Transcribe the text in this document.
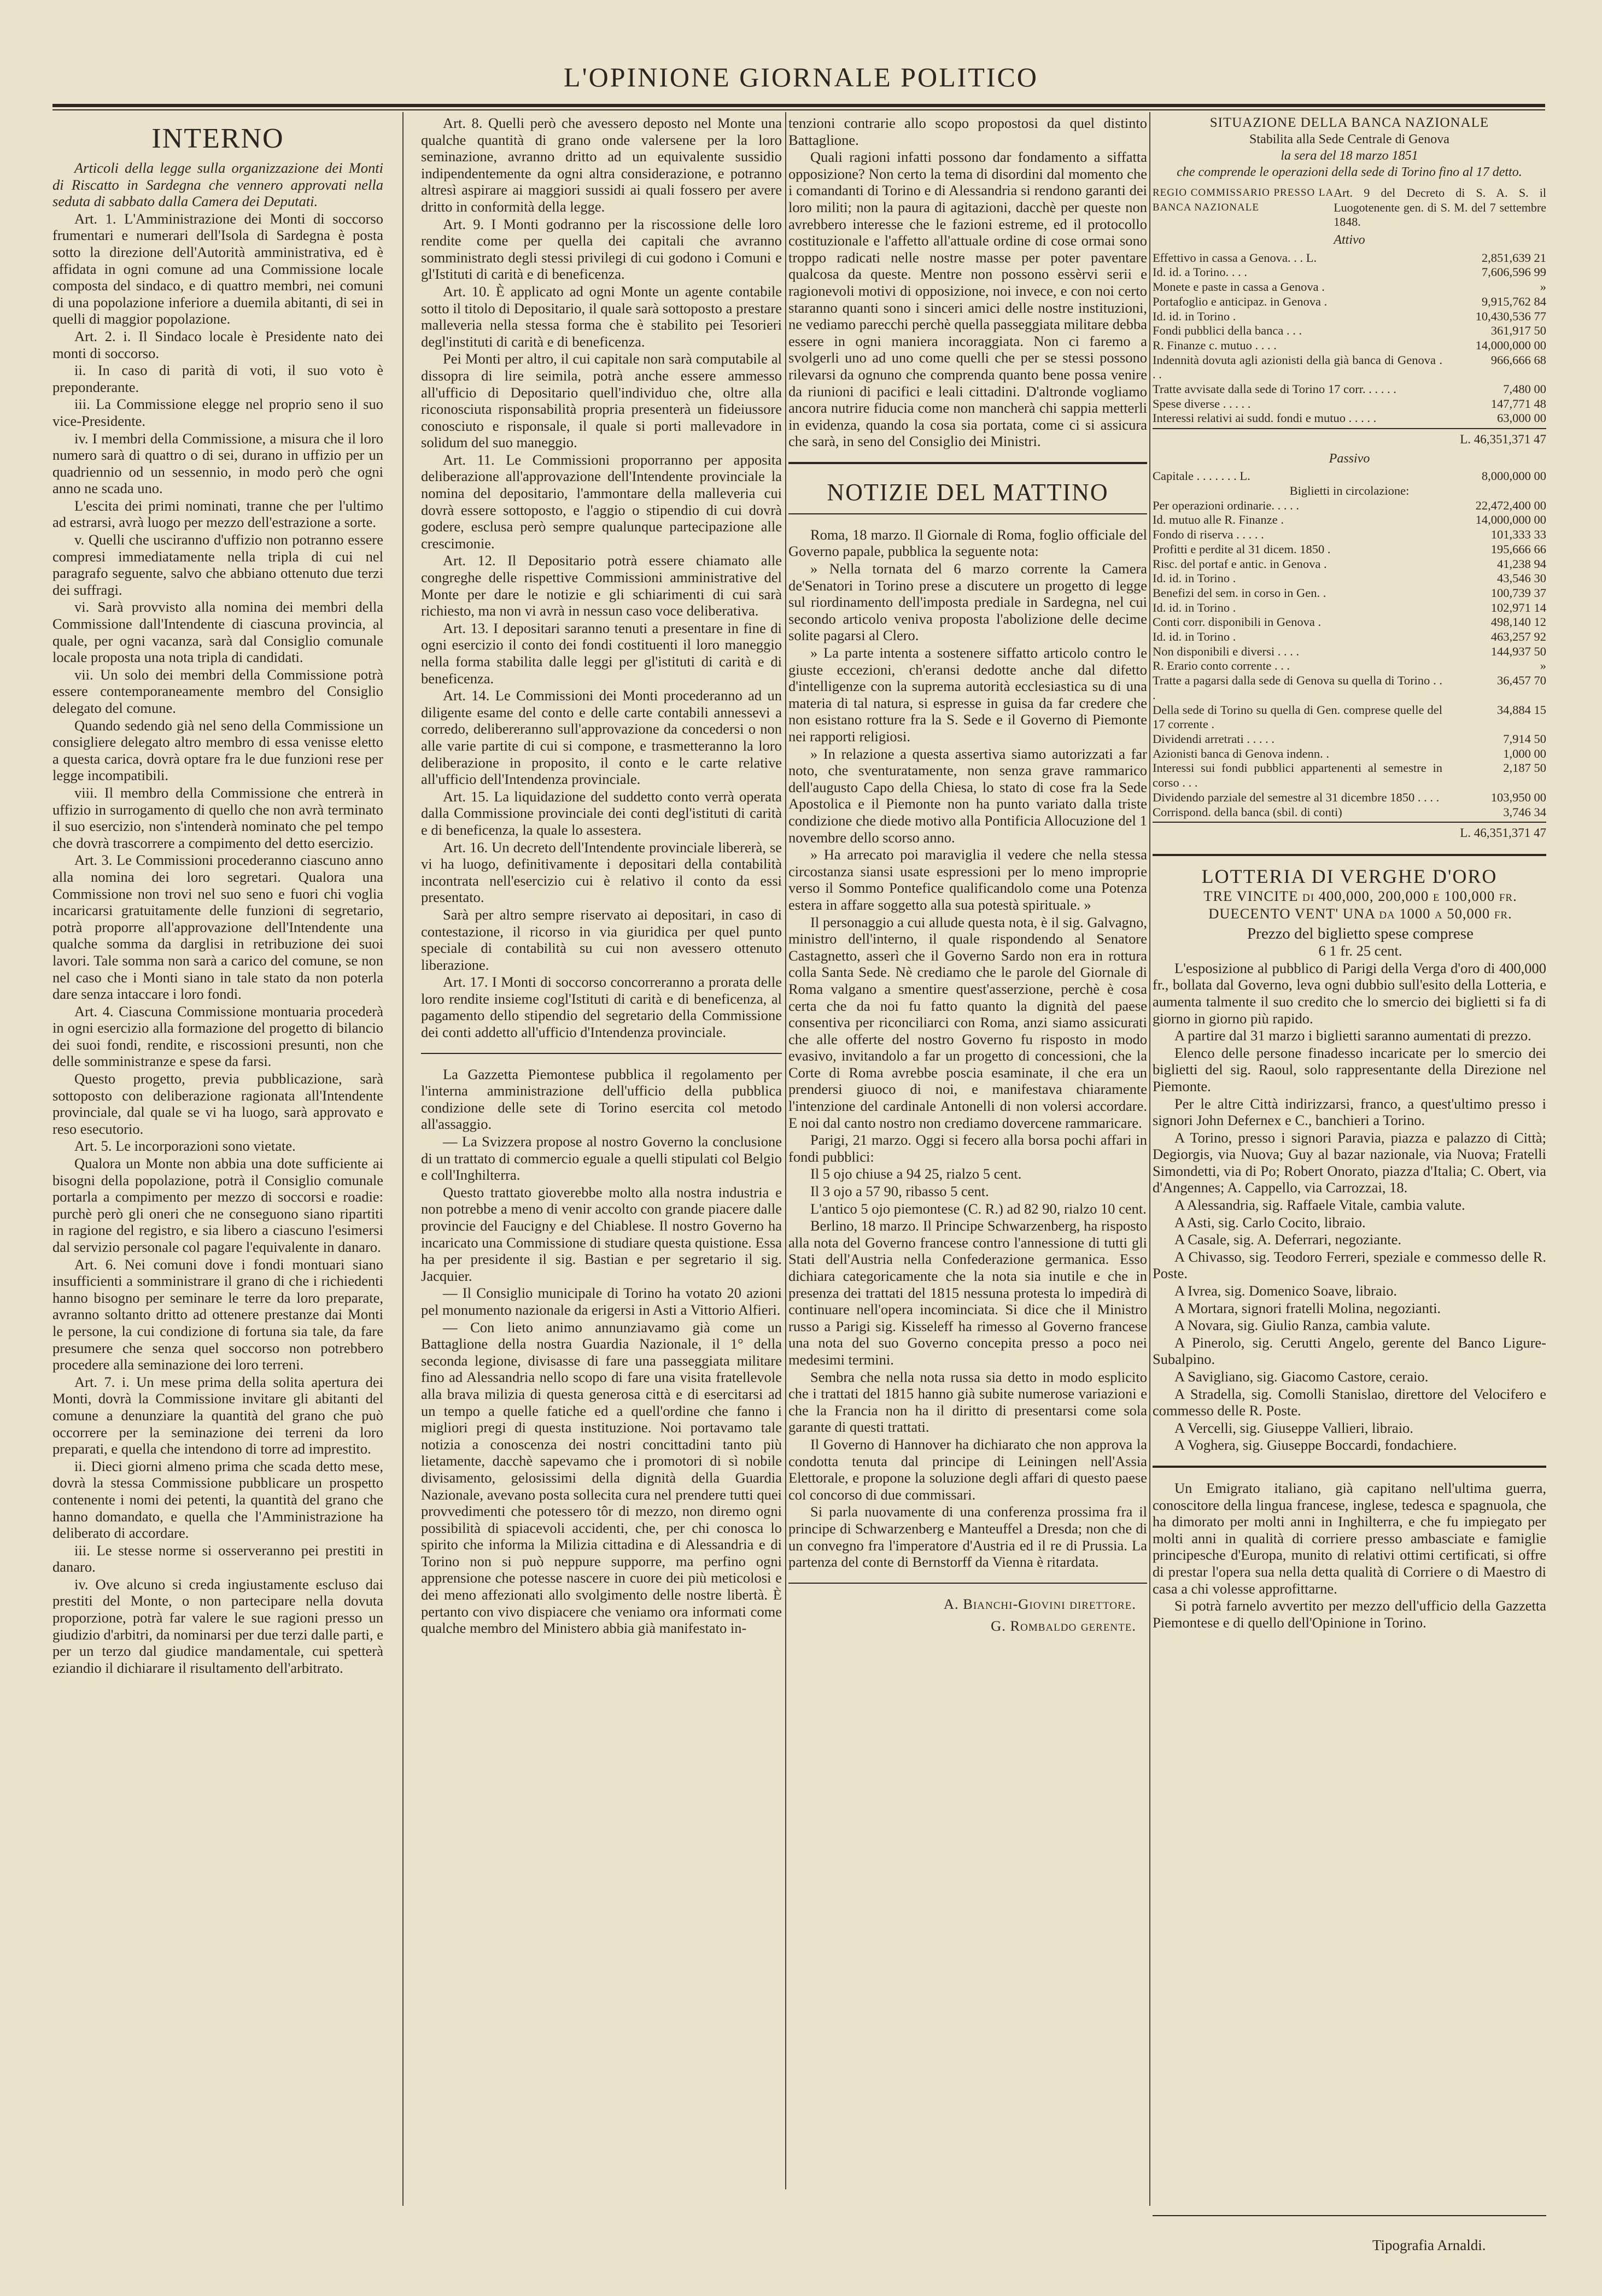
L'OPINIONE GIORNALE POLITICO
INTERNO

Articoli della legge sulla organizzazione dei Monti di Riscatto in Sardegna che vennero approvati nella seduta di sabbato dalla Camera dei Deputati.

Art. 1. L'Amministrazione dei Monti di soccorso frumentari e numerari dell'Isola di Sardegna è posta sotto la direzione dell'Autorità amministrativa, ed è affidata in ogni comune ad una Commissione locale composta del sindaco, e di quattro membri, nei comuni di una popolazione inferiore a duemila abitanti, di sei in quelli di maggior popolazione.

Art. 2. i. Il Sindaco locale è Presidente nato dei monti di soccorso.

ii. In caso di parità di voti, il suo voto è preponderante.

iii. La Commissione elegge nel proprio seno il suo vice-Presidente.

iv. I membri della Commissione, a misura che il loro numero sarà di quattro o di sei, durano in uffizio per un quadriennio od un sessennio, in modo però che ogni anno ne scada uno.

L'escita dei primi nominati, tranne che per l'ultimo ad estrarsi, avrà luogo per mezzo dell'estrazione a sorte.

v. Quelli che usciranno d'uffizio non potranno essere compresi immediatamente nella tripla di cui nel paragrafo seguente, salvo che abbiano ottenuto due terzi dei suffragi.

vi. Sarà provvisto alla nomina dei membri della Commissione dall'Intendente di ciascuna provincia, al quale, per ogni vacanza, sarà dal Consiglio comunale locale proposta una nota tripla di candidati.

vii. Un solo dei membri della Commissione potrà essere contemporaneamente membro del Consiglio delegato del comune.

Quando sedendo già nel seno della Commissione un consigliere delegato altro membro di essa venisse eletto a questa carica, dovrà optare fra le due funzioni rese per legge incompatibili.

viii. Il membro della Commissione che entrerà in uffizio in surrogamento di quello che non avrà terminato il suo esercizio, non s'intenderà nominato che pel tempo che dovrà trascorrere a compimento del detto esercizio.

Art. 3. Le Commissioni procederanno ciascuno anno alla nomina dei loro segretari. Qualora una Commissione non trovi nel suo seno e fuori chi voglia incaricarsi gratuitamente delle funzioni di segretario, potrà proporre all'approvazione dell'Intendente una qualche somma da darglisi in retribuzione dei suoi lavori. Tale somma non sarà a carico del comune, se non nel caso che i Monti siano in tale stato da non poterla dare senza intaccare i loro fondi.

Art. 4. Ciascuna Commissione montuaria procederà in ogni esercizio alla formazione del progetto di bilancio dei suoi fondi, rendite, e riscossioni presunti, non che delle somministranze e spese da farsi.

Questo progetto, previa pubblicazione, sarà sottoposto con deliberazione ragionata all'Intendente provinciale, dal quale se vi ha luogo, sarà approvato e reso esecutorio.

Art. 5. Le incorporazioni sono vietate.

Qualora un Monte non abbia una dote sufficiente ai bisogni della popolazione, potrà il Consiglio comunale portarla a compimento per mezzo di soccorsi e roadie: purchè però gli oneri che ne conseguono siano ripartiti in ragione del registro, e sia libero a ciascuno l'esimersi dal servizio personale col pagare l'equivalente in danaro.

Art. 6. Nei comuni dove i fondi montuari siano insufficienti a somministrare il grano di che i richiedenti hanno bisogno per seminare le terre da loro preparate, avranno soltanto dritto ad ottenere prestanze dai Monti le persone, la cui condizione di fortuna sia tale, da fare presumere che senza quel soccorso non potrebbero procedere alla seminazione dei loro terreni.

Art. 7. i. Un mese prima della solita apertura dei Monti, dovrà la Commissione invitare gli abitanti del comune a denunziare la quantità del grano che può occorrere per la seminazione dei terreni da loro preparati, e quella che intendono di torre ad imprestito.

ii. Dieci giorni almeno prima che scada detto mese, dovrà la stessa Commissione pubblicare un prospetto contenente i nomi dei petenti, la quantità del grano che hanno domandato, e quella che l'Amministrazione ha deliberato di accordare.

iii. Le stesse norme si osserveranno pei prestiti in danaro.

iv. Ove alcuno si creda ingiustamente escluso dai prestiti del Monte, o non partecipare nella dovuta proporzione, potrà far valere le sue ragioni presso un giudizio d'arbitri, da nominarsi per due terzi dalle parti, e per un terzo dal giudice mandamentale, cui spetterà eziandio il dichiarare il risultamento dell'arbitrato.

Art. 8. Quelli però che avessero deposto nel Monte una qualche quantità di grano onde valersene per la loro seminazione, avranno dritto ad un equivalente sussidio indipendentemente da ogni altra considerazione, e potranno altresì aspirare ai maggiori sussidi ai quali fossero per avere dritto in conformità della legge.

Art. 9. I Monti godranno per la riscossione delle loro rendite come per quella dei capitali che avranno somministrato degli stessi privilegi di cui godono i Comuni e gl'Istituti di carità e di beneficenza.

Art. 10. È applicato ad ogni Monte un agente contabile sotto il titolo di Depositario, il quale sarà sottoposto a prestare malleveria nella stessa forma che è stabilito pei Tesorieri degl'instituti di carità e di beneficenza.

Pei Monti per altro, il cui capitale non sarà computabile al dissopra di lire seimila, potrà anche essere ammesso all'ufficio di Depositario quell'individuo che, oltre alla riconosciuta risponsabilità propria presenterà un fideiussore conosciuto e risponsale, il quale si porti mallevadore in solidum del suo maneggio.

Art. 11. Le Commissioni proporranno per apposita deliberazione all'approvazione dell'Intendente provinciale la nomina del depositario, l'ammontare della malleveria cui dovrà essere sottoposto, e l'aggio o stipendio di cui dovrà godere, esclusa però sempre qualunque partecipazione alle crescimonie.

Art. 12. Il Depositario potrà essere chiamato alle congreghe delle rispettive Commissioni amministrative del Monte per dare le notizie e gli schiarimenti di cui sarà richiesto, ma non vi avrà in nessun caso voce deliberativa.

Art. 13. I depositari saranno tenuti a presentare in fine di ogni esercizio il conto dei fondi costituenti il loro maneggio nella forma stabilita dalle leggi per gl'istituti di carità e di beneficenza.

Art. 14. Le Commissioni dei Monti procederanno ad un diligente esame del conto e delle carte contabili annessevi a corredo, delibereranno sull'approvazione da concedersi o non alle varie partite di cui si compone, e trasmetteranno la loro deliberazione in proposito, il conto e le carte relative all'ufficio dell'Intendenza provinciale.

Art. 15. La liquidazione del suddetto conto verrà operata dalla Commissione provinciale dei conti degl'istituti di carità e di beneficenza, la quale lo assestera.

Art. 16. Un decreto dell'Intendente provinciale libererà, se vi ha luogo, definitivamente i depositari della contabilità incontrata nell'esercizio cui è relativo il conto da essi presentato.

Sarà per altro sempre riservato ai depositari, in caso di contestazione, il ricorso in via giuridica per quel punto speciale di contabilità su cui non avessero ottenuto liberazione.

Art. 17. I Monti di soccorso concorreranno a prorata delle loro rendite insieme cogl'Istituti di carità e di beneficenza, al pagamento dello stipendio del segretario della Commissione dei conti addetto all'ufficio d'Intendenza provinciale.

La Gazzetta Piemontese pubblica il regolamento per l'interna amministrazione dell'ufficio della pubblica condizione delle sete di Torino esercita col metodo all'assaggio.

— La Svizzera propose al nostro Governo la conclusione di un trattato di commercio eguale a quelli stipulati col Belgio e coll'Inghilterra.

Questo trattato gioverebbe molto alla nostra industria e non potrebbe a meno di venir accolto con grande piacere dalle provincie del Faucigny e del Chiablese. Il nostro Governo ha incaricato una Commissione di studiare questa quistione. Essa ha per presidente il sig. Bastian e per segretario il sig. Jacquier.

— Il Consiglio municipale di Torino ha votato 20 azioni pel monumento nazionale da erigersi in Asti a Vittorio Alfieri.

— Con lieto animo annunziavamo già come un Battaglione della nostra Guardia Nazionale, il 1° della seconda legione, divisasse di fare una passeggiata militare fino ad Alessandria nello scopo di fare una visita fratellevole alla brava milizia di questa generosa città e di esercitarsi ad un tempo a quelle fatiche ed a quell'ordine che fanno i migliori pregi di questa instituzione. Noi portavamo tale notizia a conoscenza dei nostri concittadini tanto più lietamente, dacchè sapevamo che i promotori di sì nobile divisamento, gelosissimi della dignità della Guardia Nazionale, avevano posta sollecita cura nel prendere tutti quei provvedimenti che potessero tôr di mezzo, non diremo ogni possibilità di spiacevoli accidenti, che, per chi conosca lo spirito che informa la Milizia cittadina e di Alessandria e di Torino non si può neppure supporre, ma perfino ogni apprensione che potesse nascere in cuore dei più meticolosi e dei meno affezionati allo svolgimento delle nostre libertà. È pertanto con vivo dispiacere che veniamo ora informati come qualche membro del Ministero abbia già manifestato in-

tenzioni contrarie allo scopo propostosi da quel distinto Battaglione.

Quali ragioni infatti possono dar fondamento a siffatta opposizione? Non certo la tema di disordini dal momento che i comandanti di Torino e di Alessandria si rendono garanti dei loro militi; non la paura di agitazioni, dacchè per queste non avrebbero interesse che le fazioni estreme, ed il protocollo costituzionale e l'affetto all'attuale ordine di cose ormai sono troppo radicati nelle nostre masse per poter paventare qualcosa da queste. Mentre non possono essèrvi serii e ragionevoli motivi di opposizione, noi invece, e con noi certo staranno quanti sono i sinceri amici delle nostre instituzioni, ne vediamo parecchi perchè quella passeggiata militare debba essere in ogni maniera incoraggiata. Non ci faremo a svolgerli uno ad uno come quelli che per se stessi possono rilevarsi da ognuno che comprenda quanto bene possa venire da riunioni di pacifici e leali cittadini. D'altronde vogliamo ancora nutrire fiducia come non mancherà chi sappia metterli in evidenza, quando la cosa sia portata, come ci si assicura che sarà, in seno del Consiglio dei Ministri.

NOTIZIE DEL MATTINO

Roma, 18 marzo. Il Giornale di Roma, foglio officiale del Governo papale, pubblica la seguente nota:

» Nella tornata del 6 marzo corrente la Camera de'Senatori in Torino prese a discutere un progetto di legge sul riordinamento dell'imposta prediale in Sardegna, nel cui secondo articolo veniva proposta l'abolizione delle decime solite pagarsi al Clero.

» La parte intenta a sostenere siffatto articolo contro le giuste eccezioni, ch'eransi dedotte anche dal difetto d'intelligenze con la suprema autorità ecclesiastica su di una materia di tal natura, si espresse in guisa da far credere che non esistano rotture fra la S. Sede e il Governo di Piemonte nei rapporti religiosi.

» In relazione a questa assertiva siamo autorizzati a far noto, che sventuratamente, non senza grave rammarico dell'augusto Capo della Chiesa, lo stato di cose fra la Sede Apostolica e il Piemonte non ha punto variato dalla triste condizione che diede motivo alla Pontificia Allocuzione del 1 novembre dello scorso anno.

» Ha arrecato poi maraviglia il vedere che nella stessa circostanza siansi usate espressioni per lo meno improprie verso il Sommo Pontefice qualificandolo come una Potenza estera in affare soggetto alla sua potestà spirituale. »

Il personaggio a cui allude questa nota, è il sig. Galvagno, ministro dell'interno, il quale rispondendo al Senatore Castagnetto, asserì che il Governo Sardo non era in rottura colla Santa Sede. Nè crediamo che le parole del Giornale di Roma valgano a smentire quest'asserzione, perchè è cosa certa che da noi fu fatto quanto la dignità del paese consentiva per riconciliarci con Roma, anzi siamo assicurati che alle offerte del nostro Governo fu risposto in modo evasivo, invitandolo a far un progetto di concessioni, che la Corte di Roma avrebbe poscia esaminate, il che era un prendersi giuoco di noi, e manifestava chiaramente l'intenzione del cardinale Antonelli di non volersi accordare. E noi dal canto nostro non crediamo dovercene rammaricare.

Parigi, 21 marzo. Oggi si fecero alla borsa pochi affari in fondi pubblici:

Il 5 ojo chiuse a 94 25, rialzo 5 cent.

Il 3 ojo a 57 90, ribasso 5 cent.

L'antico 5 ojo piemontese (C. R.) ad 82 90, rialzo 10 cent.

Berlino, 18 marzo. Il Principe Schwarzenberg, ha risposto alla nota del Governo francese contro l'annessione di tutti gli Stati dell'Austria nella Confederazione germanica. Esso dichiara categoricamente che la nota sia inutile e che in presenza dei trattati del 1815 nessuna protesta lo impedirà di continuare nell'opera incominciata. Si dice che il Ministro russo a Parigi sig. Kisseleff ha rimesso al Governo francese una nota del suo Governo concepita presso a poco nei medesimi termini.

Sembra che nella nota russa sia detto in modo esplicito che i trattati del 1815 hanno già subite numerose variazioni e che la Francia non ha il diritto di presentarsi come sola garante di questi trattati.

Il Governo di Hannover ha dichiarato che non approva la condotta tenuta dal principe di Leiningen nell'Assia Elettorale, e propone la soluzione degli affari di questo paese col concorso di due commissari.

Si parla nuovamente di una conferenza prossima fra il principe di Schwarzenberg e Manteuffel a Dresda; non che di un convegno fra l'imperatore d'Austria ed il re di Prussia. La partenza del conte di Bernstorff da Vienna è ritardata.

A. Bianchi-Giovini direttore.
G. Rombaldo gerente.
SITUAZIONE DELLA BANCA NAZIONALE
Stabilita alla Sede Centrale di Genova
la sera del 18 marzo 1851
che comprende le operazioni della sede di Torino fino al 17 detto.
REGIO COMMISSARIO PRESSO LA BANCA NAZIONALE	Art. 9 del Decreto di S. A. S. il Luogotenente gen. di S. M. del 7 settembre 1848.
Attivo
Effettivo in cassa a Genova. . . L.	2,851,639 21
Id. id. a Torino. . . .	7,606,596 99
Monete e paste in cassa a Genova .	»
Portafoglio e anticipaz. in Genova .	9,915,762 84
Id. id. in Torino .	10,430,536 77
Fondi pubblici della banca . . .	361,917 50
R. Finanze c. mutuo . . . .	14,000,000 00
Indennità dovuta agli azionisti della già banca di Genova . . .	966,666 68
Tratte avvisate dalla sede di Torino 17 corr. . . . . .	7,480 00
Spese diverse . . . . .	147,771 48
Interessi relativi ai sudd. fondi e mutuo . . . . .	63,000 00
L. 46,351,371 47
Passivo
Capitale . . . . . . . L.	8,000,000 00
Biglietti in circolazione:	
Per operazioni ordinarie. . . . .	22,472,400 00
Id. mutuo alle R. Finanze .	14,000,000 00
Fondo di riserva . . . . .	101,333 33
Profitti e perdite al 31 dicem. 1850 .	195,666 66
Risc. del portaf e antic. in Genova .	41,238 94
Id. id. in Torino .	43,546 30
Benefizi del sem. in corso in Gen. .	100,739 37
Id. id. in Torino .	102,971 14
Conti corr. disponibili in Genova .	498,140 12
Id. id. in Torino .	463,257 92
Non disponibili e diversi . . . .	144,937 50
R. Erario conto corrente . . .	»
Tratte a pagarsi dalla sede di Genova su quella di Torino . . .	36,457 70
Della sede di Torino su quella di Gen. comprese quelle del 17 corrente .	34,884 15
Dividendi arretrati . . . . .	7,914 50
Azionisti banca di Genova indenn. .	1,000 00
Interessi sui fondi pubblici appartenenti al semestre in corso . . .	2,187 50
Dividendo parziale del semestre al 31 dicembre 1850 . . . .	103,950 00
Corrispond. della banca (sbil. di conti)	3,746 34
L. 46,351,371 47
LOTTERIA DI VERGHE D'ORO

TRE VINCITE di 400,000, 200,000 e 100,000 fr.

DUECENTO VENT' UNA da 1000 a 50,000 fr.

Prezzo del biglietto spese comprese

6 1 fr. 25 cent.

L'esposizione al pubblico di Parigi della Verga d'oro di 400,000 fr., bollata dal Governo, leva ogni dubbio sull'esito della Lotteria, e aumenta talmente il suo credito che lo smercio dei biglietti si fa di giorno in giorno più rapido.

A partire dal 31 marzo i biglietti saranno aumentati di prezzo.

Elenco delle persone finadesso incaricate per lo smercio dei biglietti del sig. Raoul, solo rappresentante della Direzione nel Piemonte.

Per le altre Città indirizzarsi, franco, a quest'ultimo presso i signori John Defernex e C., banchieri a Torino.

A Torino, presso i signori Paravia, piazza e palazzo di Città; Degiorgis, via Nuova; Guy al bazar nazionale, via Nuova; Fratelli Simondetti, via di Po; Robert Onorato, piazza d'Italia; C. Obert, via d'Angennes; A. Cappello, via Carrozzai, 18.

A Alessandria, sig. Raffaele Vitale, cambia valute.

A Asti, sig. Carlo Cocito, libraio.

A Casale, sig. A. Deferrari, negoziante.

A Chivasso, sig. Teodoro Ferreri, speziale e commesso delle R. Poste.

A Ivrea, sig. Domenico Soave, libraio.

A Mortara, signori fratelli Molina, negozianti.

A Novara, sig. Giulio Ranza, cambia valute.

A Pinerolo, sig. Cerutti Angelo, gerente del Banco Ligure-Subalpino.

A Savigliano, sig. Giacomo Castore, ceraio.

A Stradella, sig. Comolli Stanislao, direttore del Velocifero e commesso delle R. Poste.

A Vercelli, sig. Giuseppe Vallieri, libraio.

A Voghera, sig. Giuseppe Boccardi, fondachiere.

Un Emigrato italiano, già capitano nell'ultima guerra, conoscitore della lingua francese, inglese, tedesca e spagnuola, che ha dimorato per molti anni in Inghilterra, e che fu impiegato per molti anni in qualità di corriere presso ambasciate e famiglie principesche d'Europa, munito di relativi ottimi certificati, si offre di prestar l'opera sua nella detta qualità di Corriere o di Maestro di casa a chi volesse approfittarne.

Si potrà farnelo avvertito per mezzo dell'ufficio della Gazzetta Piemontese e di quello dell'Opinione in Torino.

Tipografia Arnaldi.
